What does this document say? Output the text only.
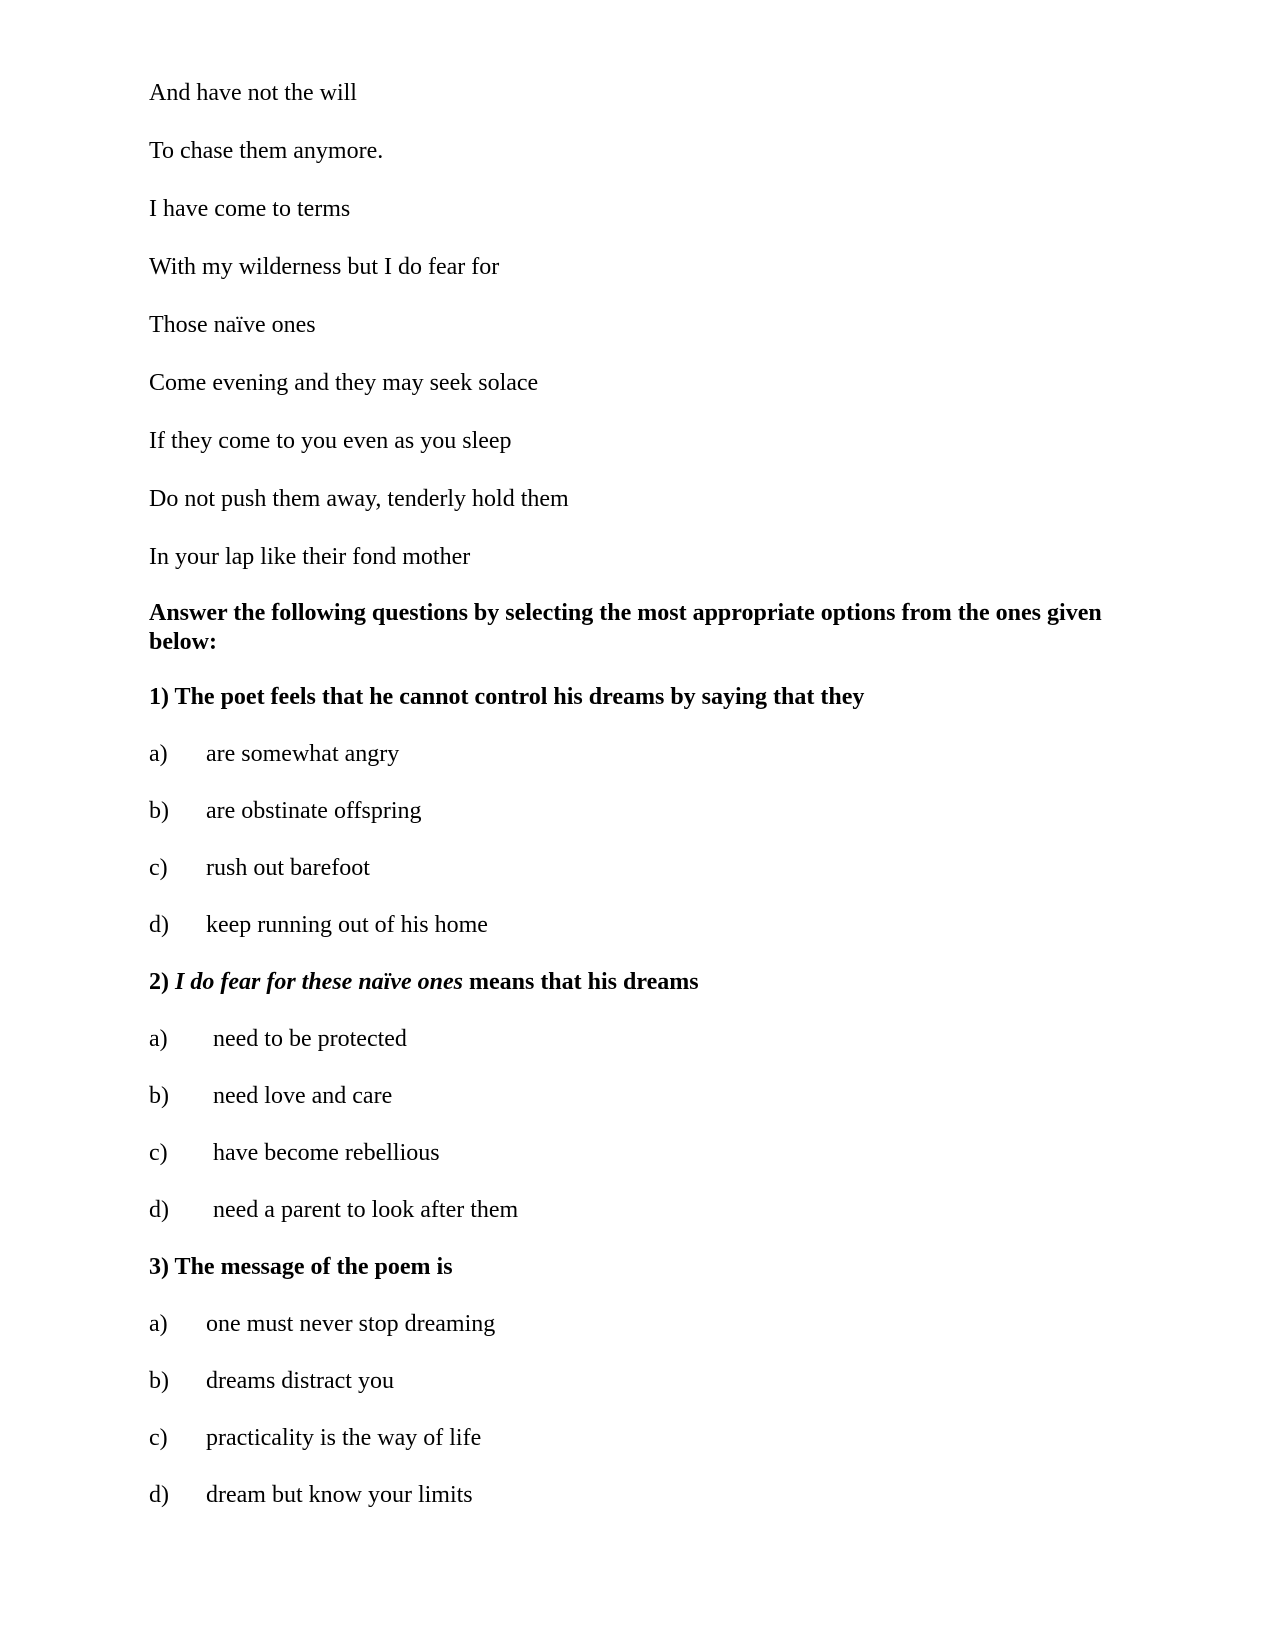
And have not the will
To chase them anymore.
I have come to terms
With my wilderness but I do fear for
Those naïve ones
Come evening and they may seek solace
If they come to you even as you sleep
Do not push them away, tenderly hold them
In your lap like their fond mother
Answer the following questions by selecting the most appropriate options from the ones given below:
1) The poet feels that he cannot control his dreams by saying that they
a)	are somewhat angry
b)	are obstinate offspring
c)	rush out barefoot
d)	keep running out of his home
2) I do fear for these naïve ones means that his dreams
a)	need to be protected
b)	need love and care
c)	have become rebellious
d)	need a parent to look after them
3) The message of the poem is
a)	one must never stop dreaming
b)	dreams distract you
c)	practicality is the way of life
d)	dream but know your limits
